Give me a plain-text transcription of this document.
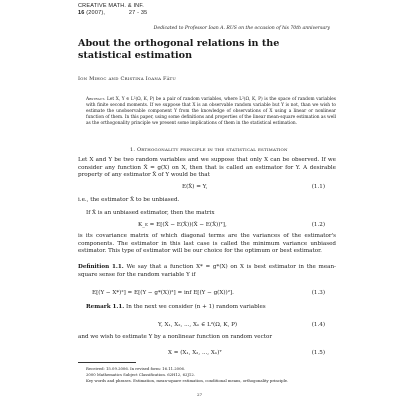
CREATIVE MATH. & INF.
16 (2007),	27 - 35
Dedicated to Professor Ioan A. RUS on the occasion of his 70th anniversary
About the orthogonal relations in the statistical estimation
Ion Mihoc and Cristina Ioana Fătu
Abstract. Let X, Y ∈ L²(Ω, K, P) be a pair of random variables, where L²(Ω, K, P) is the space of random variables with finite second moments. If we suppose that X is an observable random variable but Y is not, than we wish to estimate the unobservable component Y from the knowledge of observations of X using a linear or nonlinear function of them. In this paper, using some definitions and properties of the linear mean-square estimation as well as the orthogonality principle we present some implications of them in the statistical estimation.
1. Orthogonality principle in the statistical estimation
Let X and Y be two random variables and we suppose that only X can be observed. If we consider any function X̃ = g(X) on X, then that is called an estimator for Y. A desirable property of any estimator X̃ of Y would be that
E(X̃) = Y,	(1.1)
i.e., the estimator X̃ to be unbiased.
If X̃ is an unbiased estimator, then the matrix
K_ε = E[(X̃ − E(X̃))(X̃ − E(X̃))ᵀ],	(1.2)
is its covariance matrix of which diagonal terms are the variances of the estimator's components. The estimator in this last case is called the minimum variance unbiased estimator. This type of estimator will be our choice for the optimum or best estimator.
Definition 1.1. We say that a function X* = g*(X) on X is best estimator in the mean-square sense for the random variable Y if
E[(Y − X*)²] = E[(Y − g*(X))²] = inf E[(Y − g(X))²].	(1.3)
Remark 1.1. In the next we consider (n + 1) random variables
Y, X₁, X₂, ..., Xₙ ∈ L²(Ω, K, P)	(1.4)
and we wish to estimate Y by a nonlinear function on random vector
X = (X₁, X₂, ..., Xₙ)ᵀ	(1.5)
Received: 15.09.2006. In revised form: 16.11.2006.
2000 Mathematics Subject Classification. 62H12, 62J12.
Key words and phrases. Estimation, mean-square estimation, conditional means, orthogonality principle.
27
